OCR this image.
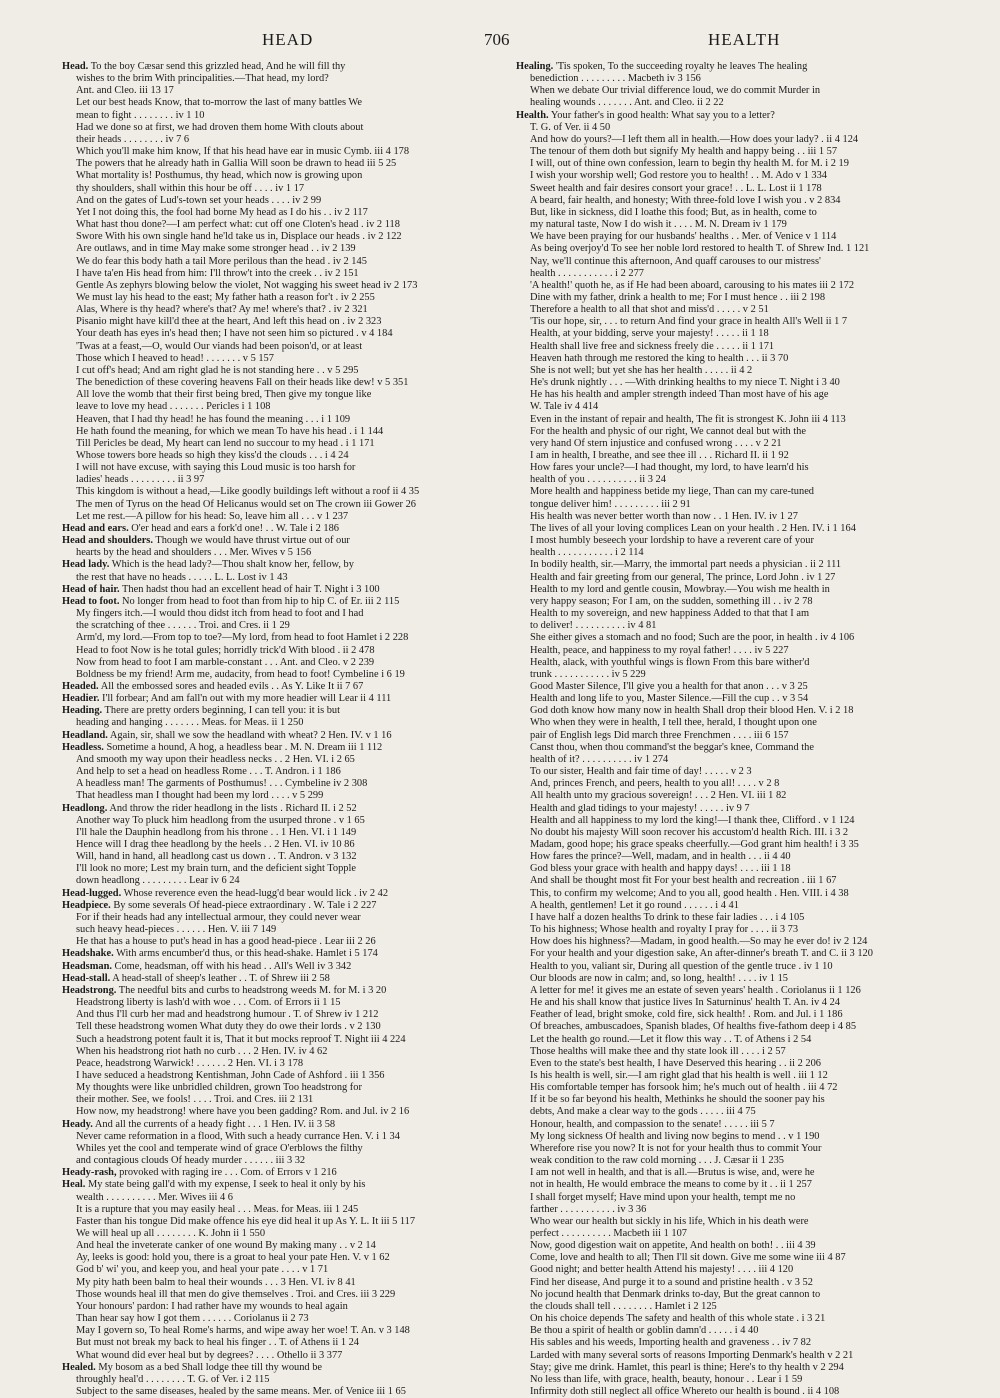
HEAD	706	HEALTH
Head. To the boy Cæsar send this grizzled head, And he will fill thy
wishes to the brim With principalities.—That head, my lord?
Ant. and Cleo. iii 13 17
Let our best heads Know, that to-morrow the last of many battles We
mean to fight . . . . . . . . iv 1 10
Had we done so at first, we had droven them home With clouts about
their heads . . . . . . . . iv 7 6
Which you'll make him know, If that his head have ear in music Cymb. iii 4 178
The powers that he already hath in Gallia Will soon be drawn to head iii 5 25
What mortality is! Posthumus, thy head, which now is growing upon
thy shoulders, shall within this hour be off . . . . iv 1 17
And on the gates of Lud's-town set your heads . . . . iv 2 99
Yet I not doing this, the fool had borne My head as I do his . . iv 2 117
What hast thou done?—I am perfect what: cut off one Cloten's head . iv 2 118
Swore With his own single hand he'ld take us in, Displace our heads . iv 2 122
Are outlaws, and in time May make some stronger head . . iv 2 139
We do fear this body hath a tail More perilous than the head . iv 2 145
I have ta'en His head from him: I'll throw't into the creek . . iv 2 151
Gentle As zephyrs blowing below the violet, Not wagging his sweet head iv 2 173
We must lay his head to the east; My father hath a reason for't . iv 2 255
Alas, Where is thy head? where's that? Ay me! where's that? . iv 2 321
Pisanio might have kill'd thee at the heart, And left this head on . iv 2 323
Your death has eyes in's head then; I have not seen him so pictured . v 4 184
'Twas at a feast,—O, would Our viands had been poison'd, or at least
Those which I heaved to head! . . . . . . . v 5 157
I cut off's head; And am right glad he is not standing here . . v 5 295
The benediction of these covering heavens Fall on their heads like dew! v 5 351
All love the womb that their first being bred, Then give my tongue like
leave to love my head . . . . . . . Pericles i 1 108
Heaven, that I had thy head! he has found the meaning . . . i 1 109
He hath found the meaning, for which we mean To have his head . i 1 144
Till Pericles be dead, My heart can lend no succour to my head . i 1 171
Whose towers bore heads so high they kiss'd the clouds . . . i 4 24
I will not have excuse, with saying this Loud music is too harsh for
ladies' heads . . . . . . . . . ii 3 97
This kingdom is without a head,—Like goodly buildings left without a roof ii 4 35
The men of Tyrus on the head Of Helicanus would set on The crown iii Gower 26
Let me rest.—A pillow for his head: So, leave him all . . . v 1 237
Head and ears. O'er head and ears a fork'd one! . . W. Tale i 2 186
Head and shoulders. Though we would have thrust virtue out of our
hearts by the head and shoulders . . . Mer. Wives v 5 156
Head lady. Which is the head lady?—Thou shalt know her, fellow, by
the rest that have no heads . . . . . L. L. Lost iv 1 43
Head of hair. Then hadst thou had an excellent head of hair T. Night i 3 100
Head to foot. No longer from head to foot than from hip to hip C. of Er. iii 2 115
My fingers itch.—I would thou didst itch from head to foot and I had
the scratching of thee . . . . . . Troi. and Cres. ii 1 29
Arm'd, my lord.—From top to toe?—My lord, from head to foot Hamlet i 2 228
Head to foot Now is he total gules; horridly trick'd With blood . ii 2 478
Now from head to foot I am marble-constant . . . Ant. and Cleo. v 2 239
Boldness be my friend! Arm me, audacity, from head to foot! Cymbeline i 6 19
Headed. All the embossed sores and headed evils . . As Y. Like It ii 7 67
Headier. I'll forbear; And am fall'n out with my more headier will Lear ii 4 111
Heading. There are pretty orders beginning, I can tell you: it is but
heading and hanging . . . . . . . Meas. for Meas. ii 1 250
Headland. Again, sir, shall we sow the headland with wheat? 2 Hen. IV. v 1 16
Headless. Sometime a hound, A hog, a headless bear . M. N. Dream iii 1 112
And smooth my way upon their headless necks . . 2 Hen. VI. i 2 65
And help to set a head on headless Rome . . . T. Andron. i 1 186
A headless man! The garments of Posthumus! . . . Cymbeline iv 2 308
That headless man I thought had been my lord . . . . v 5 299
Headlong. And throw the rider headlong in the lists . Richard II. i 2 52
Another way To pluck him headlong from the usurped throne . v 1 65
I'll hale the Dauphin headlong from his throne . . 1 Hen. VI. i 1 149
Hence will I drag thee headlong by the heels . . 2 Hen. VI. iv 10 86
Will, hand in hand, all headlong cast us down . . T. Andron. v 3 132
I'll look no more; Lest my brain turn, and the deficient sight Topple
down headlong . . . . . . . . . Lear iv 6 24
Head-lugged. Whose reverence even the head-lugg'd bear would lick . iv 2 42
Headpiece. By some severals Of head-piece extraordinary . W. Tale i 2 227
For if their heads had any intellectual armour, they could never wear
such heavy head-pieces . . . . . . Hen. V. iii 7 149
He that has a house to put's head in has a good head-piece . Lear iii 2 26
Headshake. With arms encumber'd thus, or this head-shake. Hamlet i 5 174
Headsman. Come, headsman, off with his head . . All's Well iv 3 342
Head-stall. A head-stall of sheep's leather . . T. of Shrew iii 2 58
Headstrong. The needful bits and curbs to headstrong weeds M. for M. i 3 20
Headstrong liberty is lash'd with woe . . . Com. of Errors ii 1 15
And thus I'll curb her mad and headstrong humour . T. of Shrew iv 1 212
Tell these headstrong women What duty they do owe their lords . v 2 130
Such a headstrong potent fault it is, That it but mocks reproof T. Night iii 4 224
When his headstrong riot hath no curb . . . 2 Hen. IV. iv 4 62
Peace, headstrong Warwick! . . . . . . 2 Hen. VI. i 3 178
I have seduced a headstrong Kentishman, John Cade of Ashford . iii 1 356
My thoughts were like unbridled children, grown Too headstrong for
their mother. See, we fools! . . . . Troi. and Cres. iii 2 131
How now, my headstrong! where have you been gadding? Rom. and Jul. iv 2 16
Heady. And all the currents of a heady fight . . . 1 Hen. IV. ii 3 58
Never came reformation in a flood, With such a heady currance Hen. V. i 1 34
Whiles yet the cool and temperate wind of grace O'erblows the filthy
and contagious clouds Of heady murder . . . . . . iii 3 32
Heady-rash, provoked with raging ire . . . Com. of Errors v 1 216
Heal. My state being gall'd with my expense, I seek to heal it only by his
wealth . . . . . . . . . . Mer. Wives iii 4 6
It is a rupture that you may easily heal . . . Meas. for Meas. iii 1 245
Faster than his tongue Did make offence his eye did heal it up As Y. L. It iii 5 117
We will heal up all . . . . . . . . K. John ii 1 550
And heal the inveterate canker of one wound By making many . . v 2 14
Ay, leeks is good: hold you, there is a groat to heal your pate Hen. V. v 1 62
God b' wi' you, and keep you, and heal your pate . . . . v 1 71
My pity hath been balm to heal their wounds . . . 3 Hen. VI. iv 8 41
Those wounds heal ill that men do give themselves . Troi. and Cres. iii 3 229
Your honours' pardon: I had rather have my wounds to heal again
Than hear say how I got them . . . . . . Coriolanus ii 2 73
May I govern so, To heal Rome's harms, and wipe away her woe! T. An. v 3 148
But must not break my back to heal his finger . . T. of Athens ii 1 24
What wound did ever heal but by degrees? . . . . Othello ii 3 377
Healed. My bosom as a bed Shall lodge thee till thy wound be
throughly heal'd . . . . . . . . T. G. of Ver. i 2 115
Subject to the same diseases, healed by the same means. Mer. of Venice iii 1 65
Healing. 'Tis spoken, To the succeeding royalty he leaves The healing
benediction . . . . . . . . . Macbeth iv 3 156
When we debate Our trivial difference loud, we do commit Murder in
healing wounds . . . . . . . Ant. and Cleo. ii 2 22
Health. Your father's in good health: What say you to a letter?
T. G. of Ver. ii 4 50
And how do yours?—I left them all in health.—How does your lady? . ii 4 124
The tenour of them doth but signify My health and happy being . . iii 1 57
I will, out of thine own confession, learn to begin thy health M. for M. i 2 19
I wish your worship well; God restore you to health! . . M. Ado v 1 334
Sweet health and fair desires consort your grace! . . L. L. Lost ii 1 178
A beard, fair health, and honesty; With three-fold love I wish you . v 2 834
But, like in sickness, did I loathe this food; But, as in health, come to
my natural taste, Now I do wish it . . . . M. N. Dream iv 1 179
We have been praying for our husbands' healths . . Mer. of Venice v 1 114
As being overjoy'd To see her noble lord restored to health T. of Shrew Ind. 1 121
Nay, we'll continue this afternoon, And quaff carouses to our mistress'
health . . . . . . . . . . . i 2 277
'A health!' quoth he, as if He had been aboard, carousing to his mates iii 2 172
Dine with my father, drink a health to me; For I must hence . . iii 2 198
Therefore a health to all that shot and miss'd . . . . . v 2 51
'Tis our hope, sir, . . . to return And find your grace in health All's Well ii 1 7
Health, at your bidding, serve your majesty! . . . . . ii 1 18
Health shall live free and sickness freely die . . . . . ii 1 171
Heaven hath through me restored the king to health . . . ii 3 70
She is not well; but yet she has her health . . . . . ii 4 2
He's drunk nightly . . . —With drinking healths to my niece T. Night i 3 40
He has his health and ampler strength indeed Than most have of his age
W. Tale iv 4 414
Even in the instant of repair and health, The fit is strongest K. John iii 4 113
For the health and physic of our right, We cannot deal but with the
very hand Of stern injustice and confused wrong . . . . v 2 21
I am in health, I breathe, and see thee ill . . . Richard II. ii 1 92
How fares your uncle?—I had thought, my lord, to have learn'd his
health of you . . . . . . . . . . ii 3 24
More health and happiness betide my liege, Than can my care-tuned
tongue deliver him! . . . . . . . . . iii 2 91
His health was never better worth than now . . 1 Hen. IV. iv 1 27
The lives of all your loving complices Lean on your health . 2 Hen. IV. i 1 164
I most humbly beseech your lordship to have a reverent care of your
health . . . . . . . . . . . i 2 114
In bodily health, sir.—Marry, the immortal part needs a physician . ii 2 111
Health and fair greeting from our general, The prince, Lord John . iv 1 27
Health to my lord and gentle cousin, Mowbray.—You wish me health in
very happy season; For I am, on the sudden, something ill . . iv 2 78
Health to my sovereign, and new happiness Added to that that I am
to deliver! . . . . . . . . . . iv 4 81
She either gives a stomach and no food; Such are the poor, in health . iv 4 106
Health, peace, and happiness to my royal father! . . . . iv 5 227
Health, alack, with youthful wings is flown From this bare wither'd
trunk . . . . . . . . . . . iv 5 229
Good Master Silence, I'll give you a health for that anon . . . v 3 25
Health and long life to you, Master Silence.—Fill the cup . . v 3 54
God doth know how many now in health Shall drop their blood Hen. V. i 2 18
Who when they were in health, I tell thee, herald, I thought upon one
pair of English legs Did march three Frenchmen . . . . iii 6 157
Canst thou, when thou command'st the beggar's knee, Command the
health of it? . . . . . . . . . . iv 1 274
To our sister, Health and fair time of day! . . . . . v 2 3
And, princes French, and peers, health to you all! . . . . v 2 8
All health unto my gracious sovereign! . . . 2 Hen. VI. iii 1 82
Health and glad tidings to your majesty! . . . . . iv 9 7
Health and all happiness to my lord the king!—I thank thee, Clifford . v 1 124
No doubt his majesty Will soon recover his accustom'd health Rich. III. i 3 2
Madam, good hope; his grace speaks cheerfully.—God grant him health! i 3 35
How fares the prince?—Well, madam, and in health . . . ii 4 40
God bless your grace with health and happy days! . . . . iii 1 18
And shall be thought most fit For your best health and recreation . iii 1 67
This, to confirm my welcome; And to you all, good health . Hen. VIII. i 4 38
A health, gentlemen! Let it go round . . . . . . i 4 41
I have half a dozen healths To drink to these fair ladies . . . i 4 105
To his highness; Whose health and royalty I pray for . . . . ii 3 73
How does his highness?—Madam, in good health.—So may he ever do! iv 2 124
For your health and your digestion sake, An after-dinner's breath T. and C. ii 3 120
Health to you, valiant sir, During all question of the gentle truce . iv 1 10
Our bloods are now in calm; and, so long, health! . . . . iv 1 15
A letter for me! it gives me an estate of seven years' health . Coriolanus ii 1 126
He and his shall know that justice lives In Saturninus' health T. An. iv 4 24
Feather of lead, bright smoke, cold fire, sick health! . Rom. and Jul. i 1 186
Of breaches, ambuscadoes, Spanish blades, Of healths five-fathom deep i 4 85
Let the health go round.—Let it flow this way . . T. of Athens i 2 54
Those healths will make thee and thy state look ill . . . . i 2 57
Even to the state's best health, I have Deserved this hearing . . ii 2 206
Is his health is well, sir.—I am right glad that his health is well . iii 1 12
His comfortable temper has forsook him; he's much out of health . iii 4 72
If it be so far beyond his health, Methinks he should the sooner pay his
debts, And make a clear way to the gods . . . . . iii 4 75
Honour, health, and compassion to the senate! . . . . . iii 5 7
My long sickness Of health and living now begins to mend . . v 1 190
Wherefore rise you now? It is not for your health thus to commit Your
weak condition to the raw cold morning . . . J. Cæsar ii 1 235
I am not well in health, and that is all.—Brutus is wise, and, were he
not in health, He would embrace the means to come by it . . ii 1 257
I shall forget myself; Have mind upon your health, tempt me no
farther . . . . . . . . . . . iv 3 36
Who wear our health but sickly in his life, Which in his death were
perfect . . . . . . . . . . Macbeth iii 1 107
Now, good digestion wait on appetite, And health on both! . . iii 4 39
Come, love and health to all; Then I'll sit down. Give me some wine iii 4 87
Good night; and better health Attend his majesty! . . . . iii 4 120
Find her disease, And purge it to a sound and pristine health . v 3 52
No jocund health that Denmark drinks to-day, But the great cannon to
the clouds shall tell . . . . . . . . Hamlet i 2 125
On his choice depends The safety and health of this whole state . i 3 21
Be thou a spirit of health or goblin damn'd . . . . . i 4 40
His sables and his weeds, Importing health and graveness . . iv 7 82
Larded with many several sorts of reasons Importing Denmark's health v 2 21
Stay; give me drink. Hamlet, this pearl is thine; Here's to thy health v 2 294
No less than life, with grace, health, beauty, honour . . Lear i 1 59
Infirmity doth still neglect all office Whereto our health is bound . ii 4 108
